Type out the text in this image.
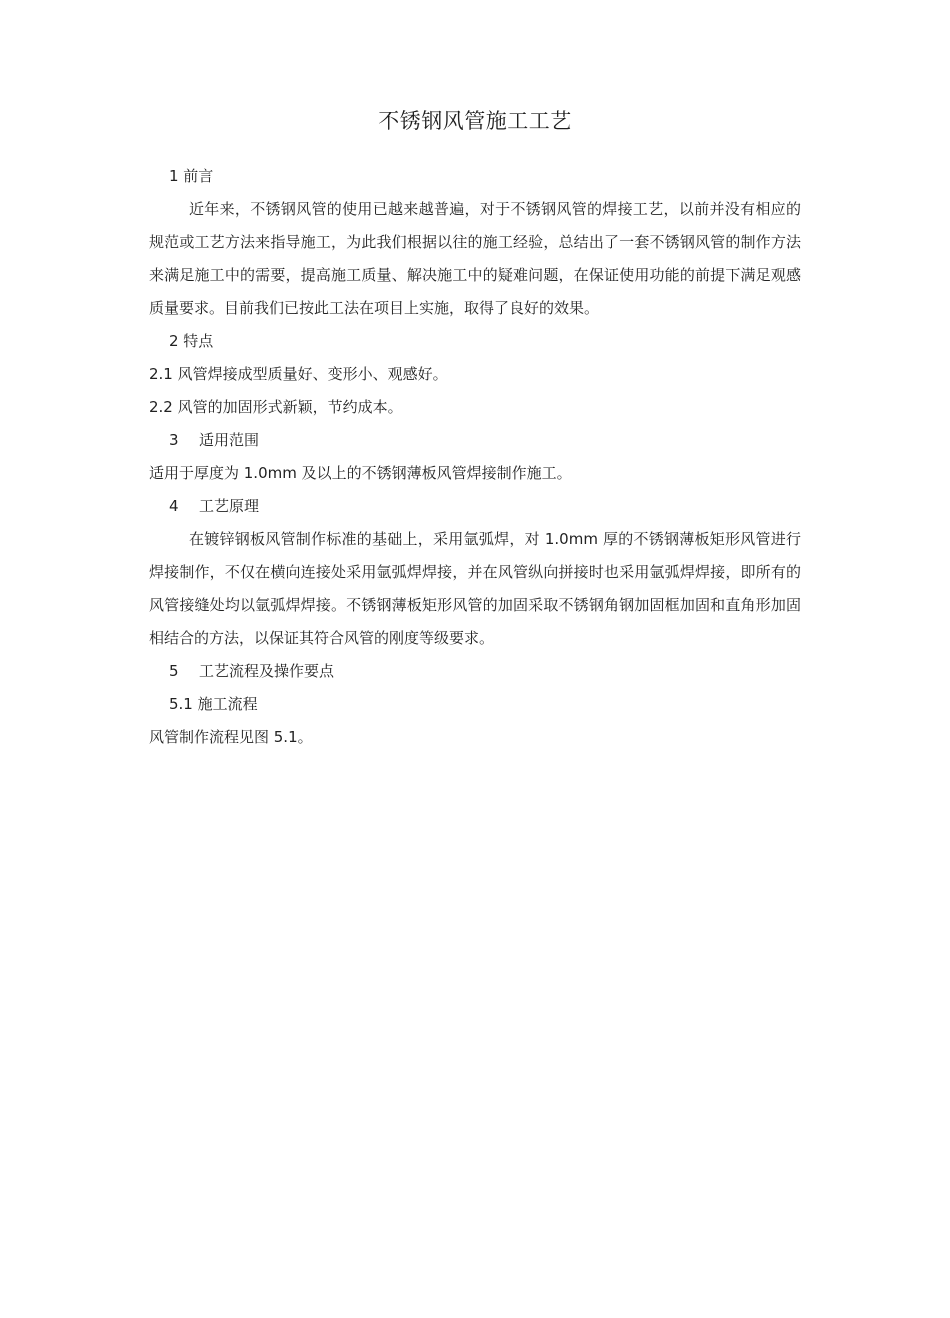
不锈钢风管施工工艺
1 前言

近年来，不锈钢风管的使用已越来越普遍，对于不锈钢风管的焊接工艺，以前并没有相应的规范或工艺方法来指导施工，为此我们根据以往的施工经验，总结出了一套不锈钢风管的制作方法来满足施工中的需要，提高施工质量、解决施工中的疑难问题，在保证使用功能的前提下满足观感质量要求。目前我们已按此工法在项目上实施，取得了良好的效果。

2 特点

2.1 风管焊接成型质量好、变形小、观感好。

2.2 风管的加固形式新颖，节约成本。

3 适用范围

适用于厚度为 1.0mm 及以上的不锈钢薄板风管焊接制作施工。

4 工艺原理

在镀锌钢板风管制作标准的基础上，采用氩弧焊，对 1.0mm 厚的不锈钢薄板矩形风管进行焊接制作，不仅在横向连接处采用氩弧焊焊接，并在风管纵向拼接时也采用氩弧焊焊接，即所有的风管接缝处均以氩弧焊焊接。不锈钢薄板矩形风管的加固采取不锈钢角钢加固框加固和直角形加固相结合的方法，以保证其符合风管的刚度等级要求。

5 工艺流程及操作要点
5.1 施工流程

风管制作流程见图 5.1。
